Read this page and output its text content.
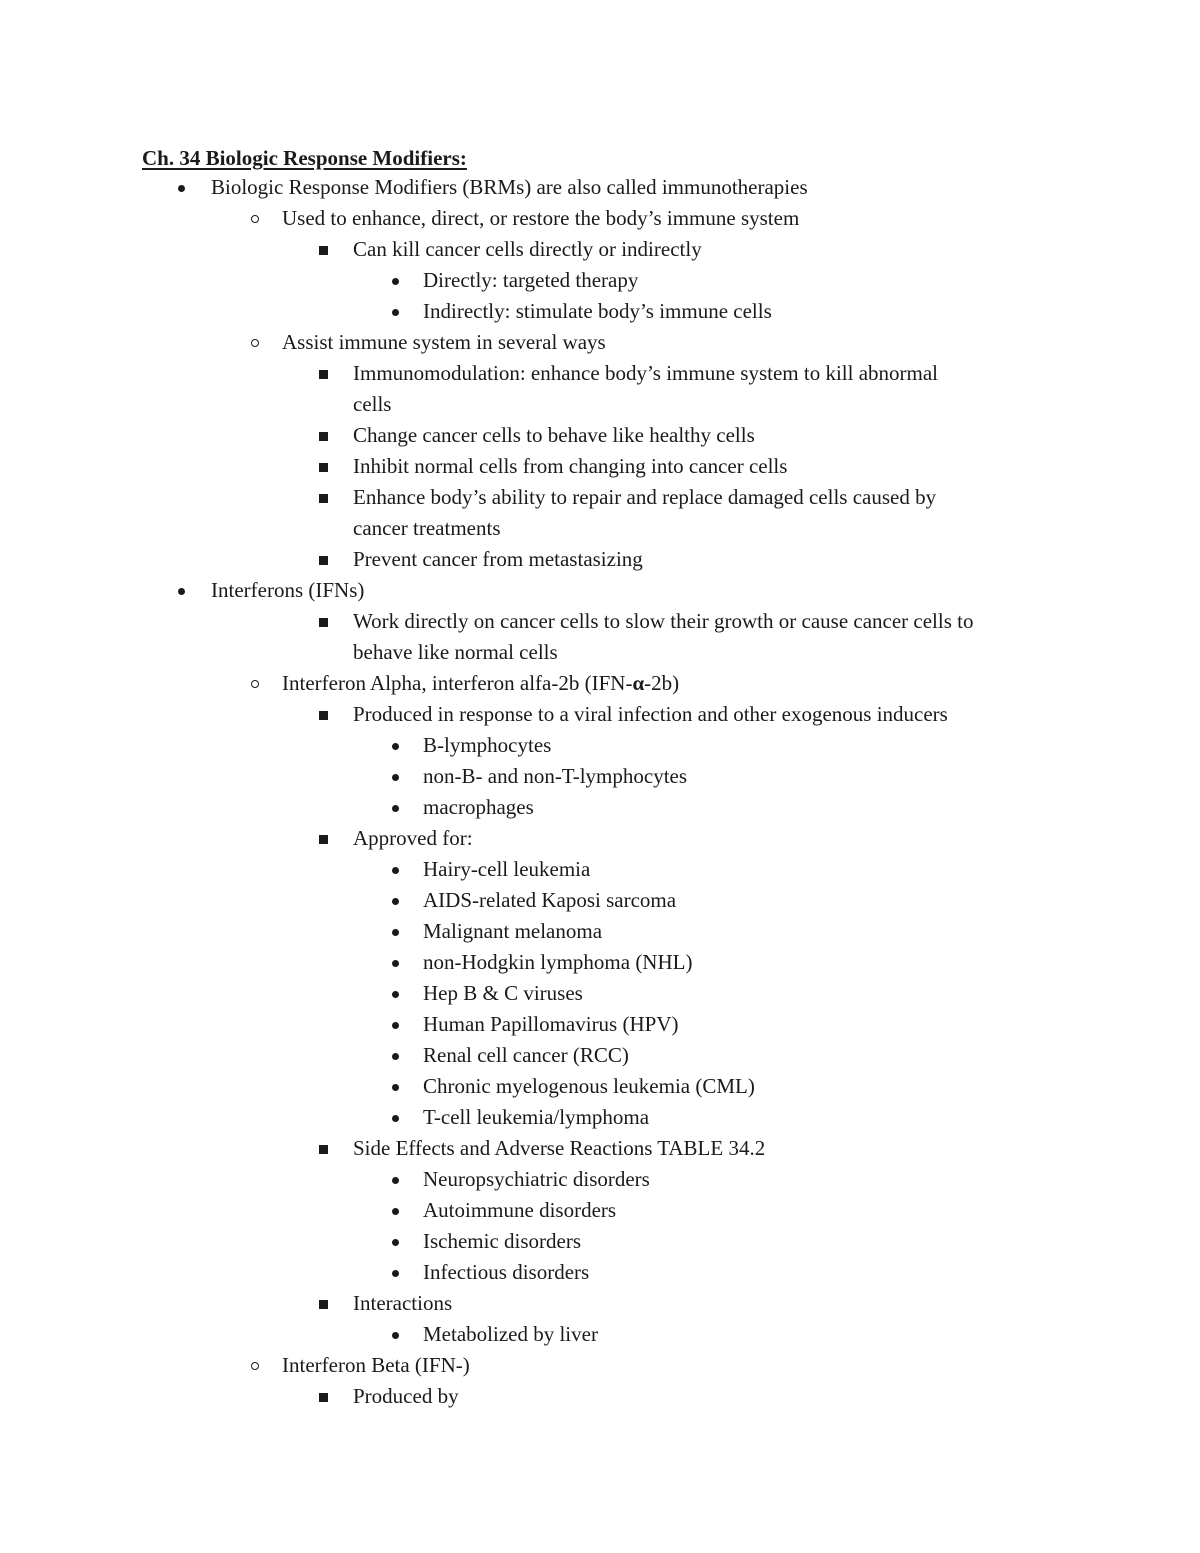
Ch. 34 Biologic Response Modifiers:
Biologic Response Modifiers (BRMs) are also called immunotherapies
Used to enhance, direct, or restore the body’s immune system
Can kill cancer cells directly or indirectly
Directly: targeted therapy
Indirectly: stimulate body’s immune cells
Assist immune system in several ways
Immunomodulation: enhance body’s immune system to kill abnormal
cells
Change cancer cells to behave like healthy cells
Inhibit normal cells from changing into cancer cells
Enhance body’s ability to repair and replace damaged cells caused by
cancer treatments
Prevent cancer from metastasizing
Interferons (IFNs)
Work directly on cancer cells to slow their growth or cause cancer cells to
behave like normal cells
Interferon Alpha, interferon alfa-2b (IFN-α-2b)
Produced in response to a viral infection and other exogenous inducers
B-lymphocytes
non-B- and non-T-lymphocytes
macrophages
Approved for:
Hairy-cell leukemia
AIDS-related Kaposi sarcoma
Malignant melanoma
non-Hodgkin lymphoma (NHL)
Hep B & C viruses
Human Papillomavirus (HPV)
Renal cell cancer (RCC)
Chronic myelogenous leukemia (CML)
T-cell leukemia/lymphoma
Side Effects and Adverse Reactions TABLE 34.2
Neuropsychiatric disorders
Autoimmune disorders
Ischemic disorders
Infectious disorders
Interactions
Metabolized by liver
Interferon Beta (IFN-)
Produced by
